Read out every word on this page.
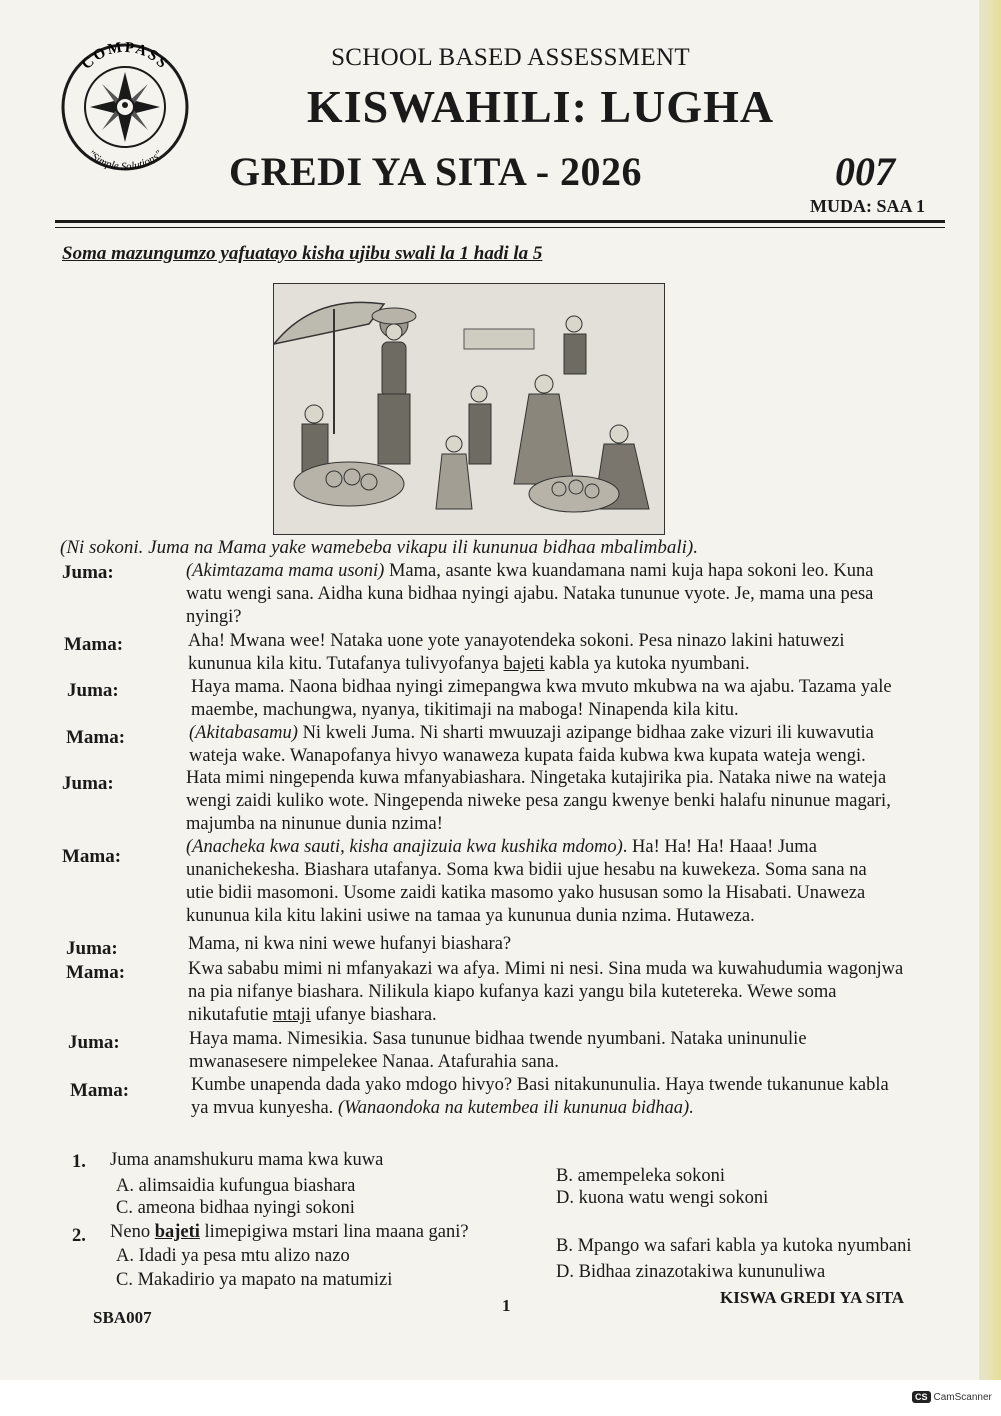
COMPASS
"Simple Solutions"
SCHOOL BASED ASSESSMENT
KISWAHILI: LUGHA
GREDI YA SITA - 2026	007
MUDA: SAA 1
Soma mazungumzo yafuatayo kisha ujibu swali la 1 hadi la 5
(Ni sokoni. Juma na Mama yake wamebeba vikapu ili kununua bidhaa mbalimbali).
Juma:	(Akimtazama mama usoni) Mama, asante kwa kuandamana nami kuja hapa sokoni leo. Kuna
watu wengi sana. Aidha kuna bidhaa nyingi ajabu. Nataka tununue vyote. Je, mama una pesa
nyingi?
Mama:	Aha! Mwana wee! Nataka uone yote yanayotendeka sokoni. Pesa ninazo lakini hatuwezi
kununua kila kitu. Tutafanya tulivyofanya bajeti kabla ya kutoka nyumbani.
Juma:	Haya mama. Naona bidhaa nyingi zimepangwa kwa mvuto mkubwa na wa ajabu. Tazama yale
maembe, machungwa, nyanya, tikitimaji na maboga! Ninapenda kila kitu.
Mama:	(Akitabasamu) Ni kweli Juma. Ni sharti mwuuzaji azipange bidhaa zake vizuri ili kuwavutia
wateja wake. Wanapofanya hivyo wanaweza kupata faida kubwa kwa kupata wateja wengi.
Juma:	Hata mimi ningependa kuwa mfanyabiashara. Ningetaka kutajirika pia. Nataka niwe na wateja
wengi zaidi kuliko wote. Ningependa niweke pesa zangu kwenye benki halafu ninunue magari,
majumba na ninunue dunia nzima!
Mama:	(Anacheka kwa sauti, kisha anajizuia kwa kushika mdomo). Ha! Ha! Ha! Haaa! Juma
unanichekesha. Biashara utafanya. Soma kwa bidii ujue hesabu na kuwekeza. Soma sana na
utie bidii masomoni. Usome zaidi katika masomo yako hususan somo la Hisabati. Unaweza
kununua kila kitu lakini usiwe na tamaa ya kununua dunia nzima. Hutaweza.
Juma:	Mama, ni kwa nini wewe hufanyi biashara?
Mama:	Kwa sababu mimi ni mfanyakazi wa afya. Mimi ni nesi. Sina muda wa kuwahudumia wagonjwa
na pia nifanye biashara. Nilikula kiapo kufanya kazi yangu bila kutetereka. Wewe soma
nikutafutie mtaji ufanye biashara.
Juma:	Haya mama. Nimesikia. Sasa tununue bidhaa twende nyumbani. Nataka uninunulie
mwanasesere nimpelekee Nanaa. Atafurahia sana.
Mama:	Kumbe unapenda dada yako mdogo hivyo? Basi nitakununulia. Haya twende tukanunue kabla
ya mvua kunyesha. (Wanaondoka na kutembea ili kununua bidhaa).
1. Juma anamshukuru mama kwa kuwa
A. alimsaidia kufungua biashara	B. amempeleka sokoni
C. ameona bidhaa nyingi sokoni	D. kuona watu wengi sokoni
2. Neno bajeti limepigiwa mstari lina maana gani?
A. Idadi ya pesa mtu alizo nazo	B. Mpango wa safari kabla ya kutoka nyumbani
C. Makadirio ya mapato na matumizi	D. Bidhaa zinazotakiwa kununuliwa
SBA007
1	KISWA GREDI YA SITA
CS CamScanner
